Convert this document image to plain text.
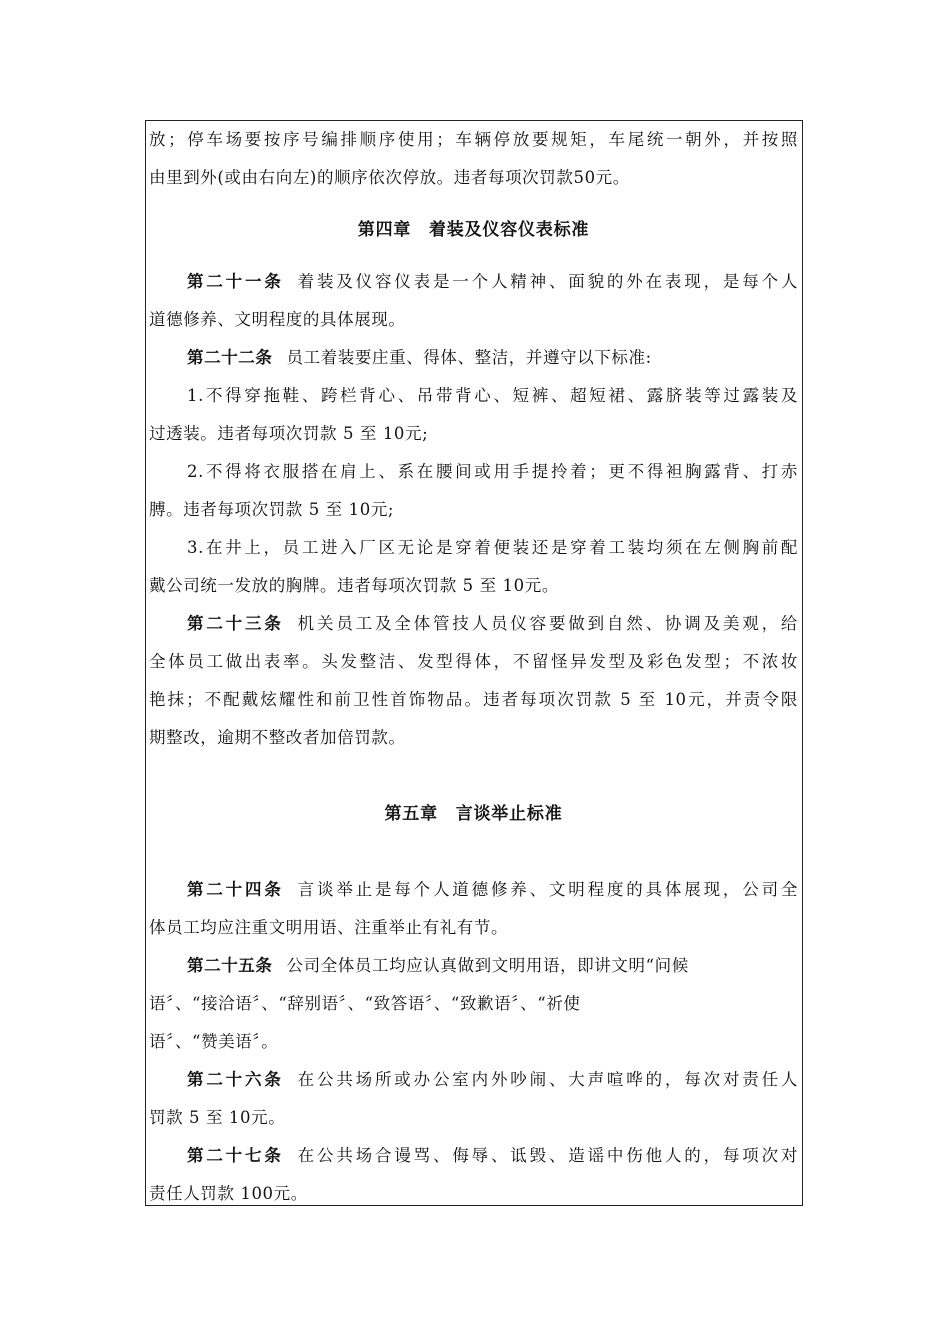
放；停车场要按序号编排顺序使用；车辆停放要规矩，车尾统一朝外，并按照
由里到外(或由右向左)的顺序依次停放。违者每项次罚款50元。
第四章　着装及仪容仪表标准
第二十一条 着装及仪容仪表是一个人精神、面貌的外在表现，是每个人
道德修养、文明程度的具体展现。
第二十二条 员工着装要庄重、得体、整洁，并遵守以下标准:
1.不得穿拖鞋、跨栏背心、吊带背心、短裤、超短裙、露脐装等过露装及
过透装。违者每项次罚款 5 至 10元;
2.不得将衣服搭在肩上、系在腰间或用手提拎着；更不得袒胸露背、打赤
膊。违者每项次罚款 5 至 10元;
3.在井上，员工进入厂区无论是穿着便装还是穿着工装均须在左侧胸前配
戴公司统一发放的胸牌。违者每项次罚款 5 至 10元。
第二十三条 机关员工及全体管技人员仪容要做到自然、协调及美观，给
全体员工做出表率。头发整洁、发型得体，不留怪异发型及彩色发型；不浓妆
艳抹；不配戴炫耀性和前卫性首饰物品。违者每项次罚款 5 至 10元，并责令限
期整改，逾期不整改者加倍罚款。
第五章　言谈举止标准
第二十四条 言谈举止是每个人道德修养、文明程度的具体展现，公司全
体员工均应注重文明用语、注重举止有礼有节。
第二十五条 公司全体员工均应认真做到文明用语，即讲文明“问候
语〞、“接洽语〞、“辞别语〞、“致答语〞、“致歉语〞、“祈使
语〞、“赞美语〞。
第二十六条 在公共场所或办公室内外吵闹、大声喧哗的，每次对责任人
罚款 5 至 10元。
第二十七条 在公共场合谩骂、侮辱、诋毁、造谣中伤他人的，每项次对
责任人罚款 100元。
